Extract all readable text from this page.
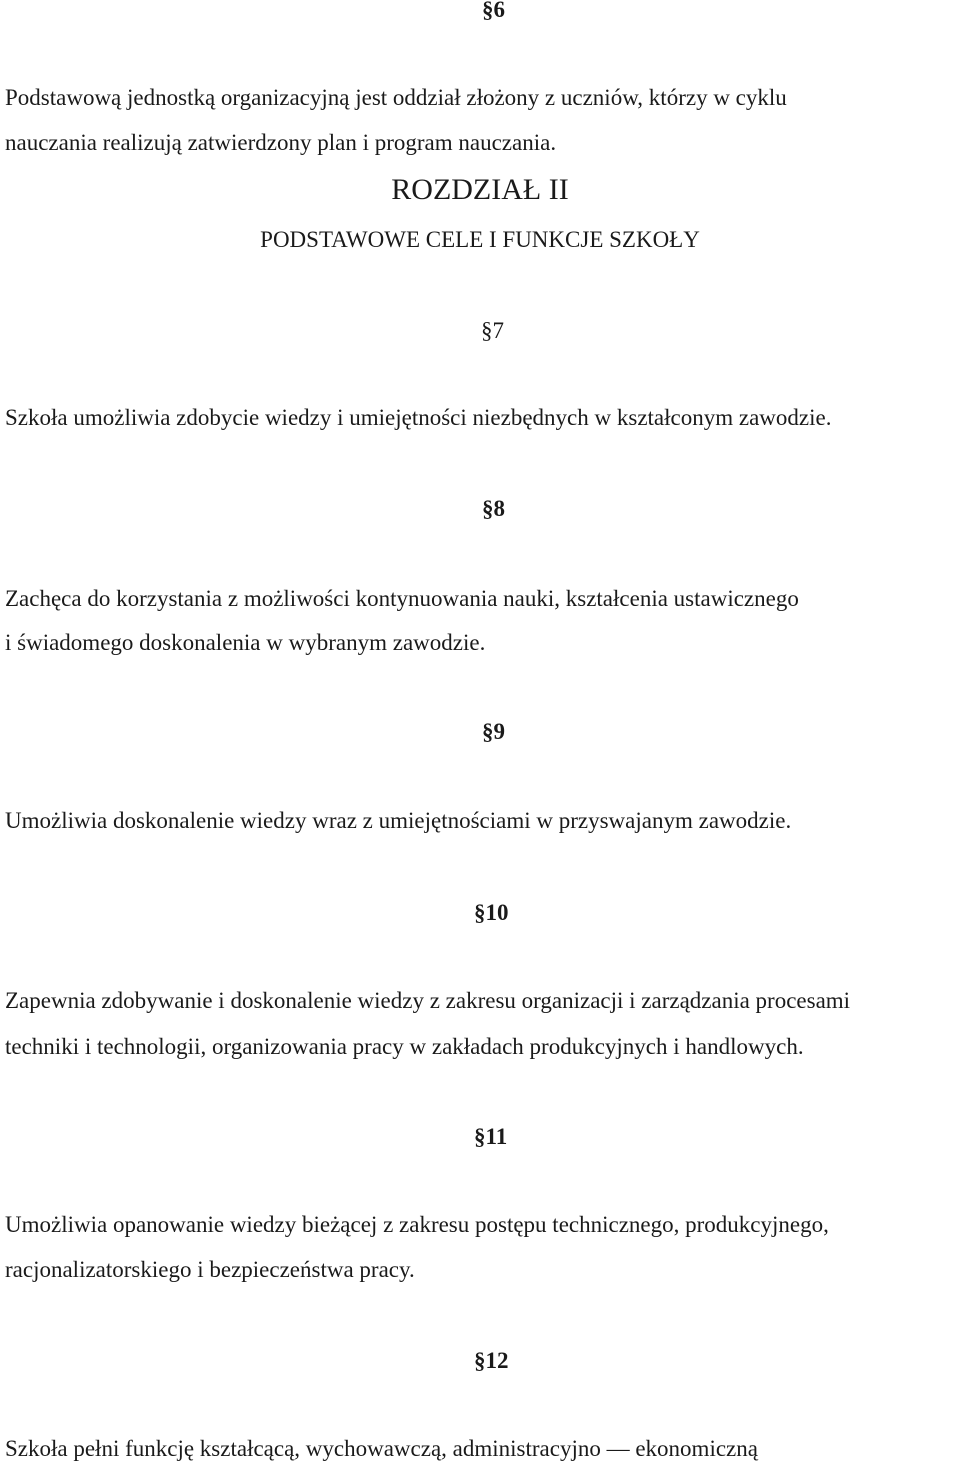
§6
Podstawową jednostką organizacyjną jest oddział złożony z uczniów, którzy w cyklu
nauczania realizują zatwierdzony plan i program nauczania.
ROZDZIAŁ II
PODSTAWOWE CELE I FUNKCJE SZKOŁY
§7
Szkoła umożliwia zdobycie wiedzy i umiejętności niezbędnych w kształconym zawodzie.
§8
Zachęca do korzystania z możliwości kontynuowania nauki, kształcenia ustawicznego
i świadomego doskonalenia w wybranym zawodzie.
§9
Umożliwia doskonalenie wiedzy wraz z umiejętnościami w przyswajanym zawodzie.
§10
Zapewnia zdobywanie i doskonalenie wiedzy z zakresu organizacji i zarządzania procesami
techniki i technologii, organizowania pracy w zakładach produkcyjnych i handlowych.
§11
Umożliwia opanowanie wiedzy bieżącej z zakresu postępu technicznego, produkcyjnego,
racjonalizatorskiego i bezpieczeństwa pracy.
§12
Szkoła pełni funkcję kształcącą, wychowawczą, administracyjno ― ekonomiczną
